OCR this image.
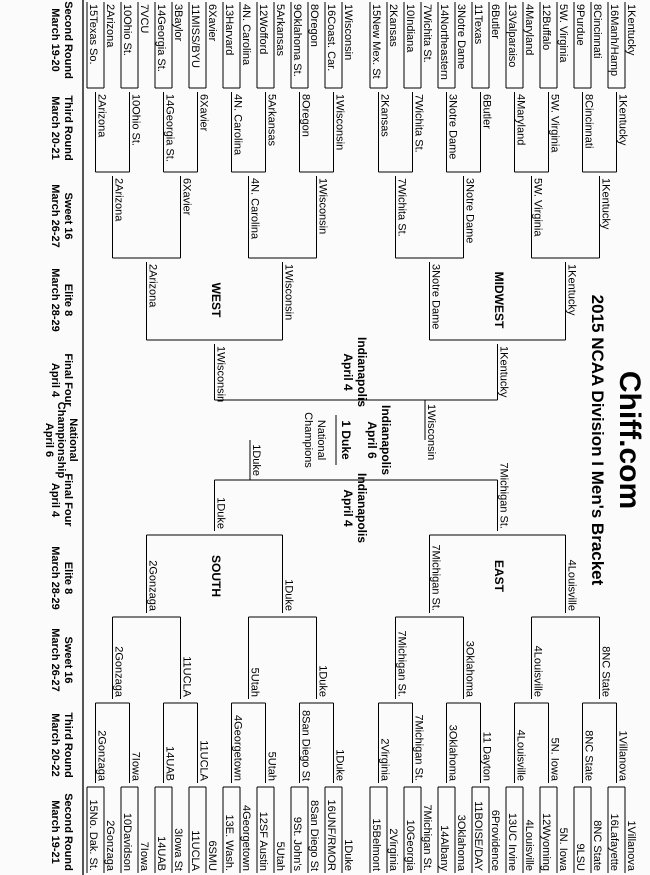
1Kentucky
16Manh/Hamp
8Cincinnati
9Purdue
5W. Virginia
12Buffalo
4Maryland
13Valparaiso
6Butler
11Texas
3Notre Dame
14Northeastern
7Wichita St.
10Indiana
2Kansas
15New Mex. St
1Kentucky
8Cincinnati
5W. Virginia
4Maryland
6Butler
3Notre Dame
7Wichita St.
2Kansas
1Kentucky
5W. Virginia
3Notre Dame
7Wichita St.
1Kentucky
3Notre Dame
1Kentucky
1Wisconsin
16Coast. Car.
8Oregon
9Oklahoma St.
5Arkansas
12Wofford
4N. Carolina
13Harvard
6Xavier
11MISS/BYU
3Baylor
14Georgia St.
7VCU
10Ohio St.
2Arizona
15Texas So.
1Wisconsin
8Oregon
5Arkansas
4N. Carolina
6Xavier
14Georgia St.
10Ohio St.
2Arizona
1Wisconsin
4N. Carolina
6Xavier
2Arizona
1Wisconsin
2Arizona
1Wisconsin
1Villanova
16Lafayette
8NC State
9LSU
5N. Iowa
12Wyoming
4Louisville
13UC Irvine
6Providence
11BOISE/DAY
3Oklahoma
14Albany
7Michigan St.
10Georgia
2Virginia
15Belmont
1Villanova
8NC State
5N. Iowa
4Louisville
11 Dayton
3Oklahoma
7Michigan St.
2Virginia
8NC State
4Louisville
3Oklahoma
7Michigan St.
4Louisville
7Michigan St.
7Michigan St.
1Duke
16UNF/RMOR
8San Diego St
9St. John's
5Utah
12SF Austin
4Georgetown
13E. Wash.
6SMU
11UCLA
3Iowa St
14UAB
7Iowa
10Davidson
2Gonzaga
15No. Dak. St.
1Duke
8San Diego St
5Utah
4Georgetown
11UCLA
14UAB
7Iowa
2Gonzaga
1Duke
5Utah
11UCLA
2Gonzaga
1Duke
2Gonzaga
1Duke
1Wisconsin
1Duke	Indianapolis
April 6
1 Duke
National
Champions
Indianapolis
April 4
Indianapolis
April 4
MIDWEST
WEST
EAST
SOUTH
Chiff.com
2015 NCAA Division I Men's Bracket
Second Round
March 19-20
Third Round
March 20-21
Sweet 16
March 26-27
Elite 8
March 28-29
Final Four
April 4
National
Championship
April 6
Final Four
April 4
Elite 8
March 28-29
Sweet 16
March 26-27
Third Round
March 20-22
Second Round
March 19-21
